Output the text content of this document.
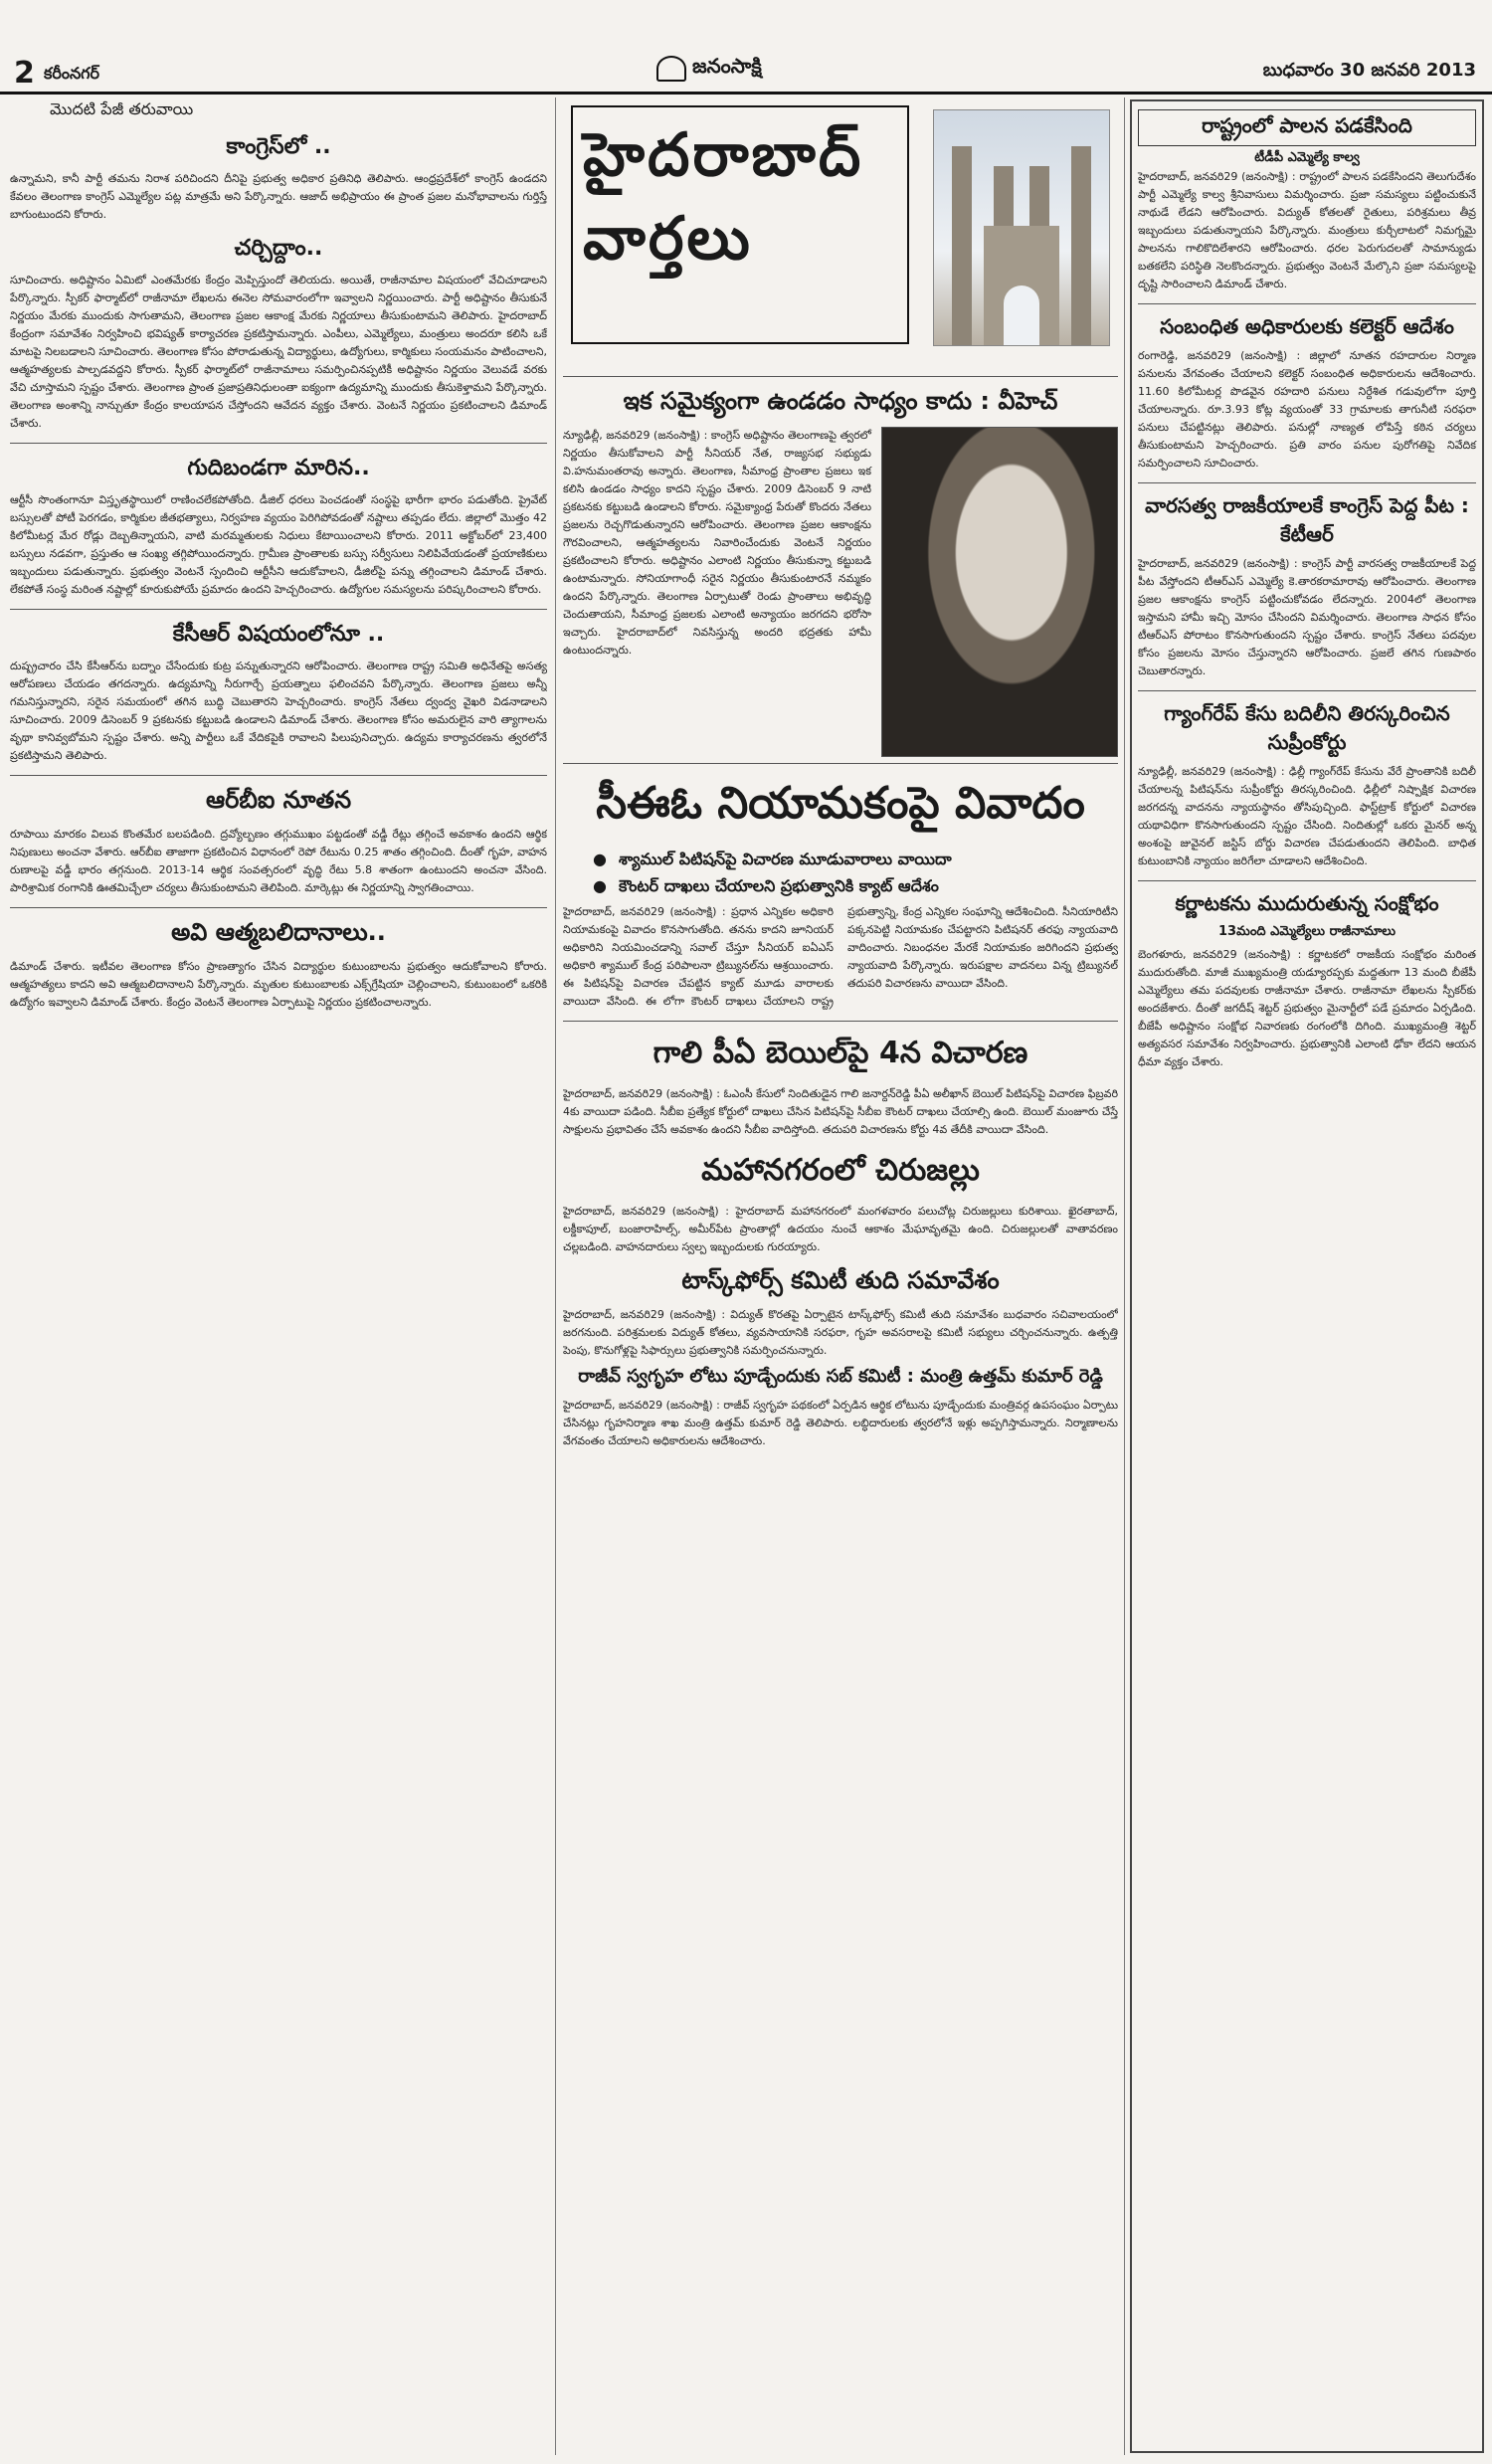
2 కరీంనగర్	జనంసాక్షి	బుధవారం 30 జనవరి 2013
మొదటి పేజీ తరువాయి
కాంగ్రెస్‌లో ..

ఉన్నామని, కానీ పార్టీ తమను నిరాశ పరిచిందని దీనిపై ప్రభుత్వ అధికార ప్రతినిధి తెలిపారు. ఆంధ్రప్రదేశ్‌లో కాంగ్రెస్ ఉండదని కేవలం తెలంగాణ కాంగ్రెస్ ఎమ్మెల్యేల పట్ల మాత్రమే అని పేర్కొన్నారు. ఆజాద్ అభిప్రాయం ఈ ప్రాంత ప్రజల మనోభావాలను గుర్తిస్తే బాగుంటుందని కోరారు.

చర్చిద్దాం..

సూచించారు. అధిష్టానం ఏమిటో ఎంతమేరకు కేంద్రం మెప్పిస్తుందో తెలియదు. అయితే, రాజీనామాల విషయంలో వేచిచూడాలని పేర్కొన్నారు. స్పీకర్ ఫార్మాట్‌లో రాజీనామా లేఖలను ఈనెల సోమవారంలోగా ఇవ్వాలని నిర్ణయించారు. పార్టీ అధిష్టానం తీసుకునే నిర్ణయం మేరకు ముందుకు సాగుతామని, తెలంగాణ ప్రజల ఆకాంక్ష మేరకు నిర్ణయాలు తీసుకుంటామని తెలిపారు. హైదరాబాద్ కేంద్రంగా సమావేశం నిర్వహించి భవిష్యత్ కార్యాచరణ ప్రకటిస్తామన్నారు. ఎంపీలు, ఎమ్మెల్యేలు, మంత్రులు అందరూ కలిసి ఒకే మాటపై నిలబడాలని సూచించారు. తెలంగాణ కోసం పోరాడుతున్న విద్యార్థులు, ఉద్యోగులు, కార్మికులు సంయమనం పాటించాలని, ఆత్మహత్యలకు పాల్పడవద్దని కోరారు. స్పీకర్ ఫార్మాట్‌లో రాజీనామాలు సమర్పించినప్పటికీ అధిష్టానం నిర్ణయం వెలువడే వరకు వేచి చూస్తామని స్పష్టం చేశారు. తెలంగాణ ప్రాంత ప్రజాప్రతినిధులంతా ఐక్యంగా ఉద్యమాన్ని ముందుకు తీసుకెళ్తామని పేర్కొన్నారు. తెలంగాణ అంశాన్ని నాన్చుతూ కేంద్రం కాలయాపన చేస్తోందని ఆవేదన వ్యక్తం చేశారు. వెంటనే నిర్ణయం ప్రకటించాలని డిమాండ్ చేశారు.

గుదిబండగా మారిన..

ఆర్టీసీ సొంతంగానూ విస్తృతస్థాయిలో రాణించలేకపోతోంది. డీజిల్ ధరలు పెంచడంతో సంస్థపై భారీగా భారం పడుతోంది. ప్రైవేట్ బస్సులతో పోటీ పెరగడం, కార్మికుల జీతభత్యాలు, నిర్వహణ వ్యయం పెరిగిపోవడంతో నష్టాలు తప్పడం లేదు. జిల్లాలో మొత్తం 42 కిలోమీటర్ల మేర రోడ్లు దెబ్బతిన్నాయని, వాటి మరమ్మతులకు నిధులు కేటాయించాలని కోరారు. 2011 అక్టోబర్‌లో 23,400 బస్సులు నడవగా, ప్రస్తుతం ఆ సంఖ్య తగ్గిపోయిందన్నారు. గ్రామీణ ప్రాంతాలకు బస్సు సర్వీసులు నిలిపివేయడంతో ప్రయాణికులు ఇబ్బందులు పడుతున్నారు. ప్రభుత్వం వెంటనే స్పందించి ఆర్టీసీని ఆదుకోవాలని, డీజిల్‌పై పన్ను తగ్గించాలని డిమాండ్ చేశారు. లేకపోతే సంస్థ మరింత నష్టాల్లో కూరుకుపోయే ప్రమాదం ఉందని హెచ్చరించారు. ఉద్యోగుల సమస్యలను పరిష్కరించాలని కోరారు.

కేసీఆర్ విషయంలోనూ ..

దుష్ప్రచారం చేసి కేసీఆర్‌ను బద్నాం చేసేందుకు కుట్ర పన్నుతున్నారని ఆరోపించారు. తెలంగాణ రాష్ట్ర సమితి అధినేతపై అసత్య ఆరోపణలు చేయడం తగదన్నారు. ఉద్యమాన్ని నీరుగార్చే ప్రయత్నాలు ఫలించవని పేర్కొన్నారు. తెలంగాణ ప్రజలు అన్నీ గమనిస్తున్నారని, సరైన సమయంలో తగిన బుద్ధి చెబుతారని హెచ్చరించారు. కాంగ్రెస్ నేతలు ద్వంద్వ వైఖరి విడనాడాలని సూచించారు. 2009 డిసెంబర్ 9 ప్రకటనకు కట్టుబడి ఉండాలని డిమాండ్ చేశారు. తెలంగాణ కోసం అమరులైన వారి త్యాగాలను వృథా కానివ్వబోమని స్పష్టం చేశారు. అన్ని పార్టీలు ఒకే వేదికపైకి రావాలని పిలుపునిచ్చారు. ఉద్యమ కార్యాచరణను త్వరలోనే ప్రకటిస్తామని తెలిపారు.

ఆర్‌బీఐ నూతన

రూపాయి మారకం విలువ కొంతమేర బలపడింది. ద్రవ్యోల్బణం తగ్గుముఖం పట్టడంతో వడ్డీ రేట్లు తగ్గించే అవకాశం ఉందని ఆర్థిక నిపుణులు అంచనా వేశారు. ఆర్‌బీఐ తాజాగా ప్రకటించిన విధానంలో రెపో రేటును 0.25 శాతం తగ్గించింది. దీంతో గృహ, వాహన రుణాలపై వడ్డీ భారం తగ్గనుంది. 2013-14 ఆర్థిక సంవత్సరంలో వృద్ధి రేటు 5.8 శాతంగా ఉంటుందని అంచనా వేసింది. పారిశ్రామిక రంగానికి ఊతమిచ్చేలా చర్యలు తీసుకుంటామని తెలిపింది. మార్కెట్లు ఈ నిర్ణయాన్ని స్వాగతించాయి.

అవి ఆత్మబలిదానాలు..

డిమాండ్ చేశారు. ఇటీవల తెలంగాణ కోసం ప్రాణత్యాగం చేసిన విద్యార్థుల కుటుంబాలను ప్రభుత్వం ఆదుకోవాలని కోరారు. ఆత్మహత్యలు కాదని అవి ఆత్మబలిదానాలని పేర్కొన్నారు. మృతుల కుటుంబాలకు ఎక్స్‌గ్రేషియా చెల్లించాలని, కుటుంబంలో ఒకరికి ఉద్యోగం ఇవ్వాలని డిమాండ్ చేశారు. కేంద్రం వెంటనే తెలంగాణ ఏర్పాటుపై నిర్ణయం ప్రకటించాలన్నారు.

హైదరాబాద్ వార్తలు
ఇక సమైక్యంగా ఉండడం సాధ్యం కాదు : వీహెచ్

న్యూఢిల్లీ, జనవరి29 (జనంసాక్షి) : కాంగ్రెస్ అధిష్టానం తెలంగాణపై త్వరలో నిర్ణయం తీసుకోవాలని పార్టీ సీనియర్ నేత, రాజ్యసభ సభ్యుడు వి.హనుమంతరావు అన్నారు. తెలంగాణ, సీమాంధ్ర ప్రాంతాల ప్రజలు ఇక కలిసి ఉండడం సాధ్యం కాదని స్పష్టం చేశారు. 2009 డిసెంబర్ 9 నాటి ప్రకటనకు కట్టుబడి ఉండాలని కోరారు. సమైక్యాంధ్ర పేరుతో కొందరు నేతలు ప్రజలను రెచ్చగొడుతున్నారని ఆరోపించారు. తెలంగాణ ప్రజల ఆకాంక్షను గౌరవించాలని, ఆత్మహత్యలను నివారించేందుకు వెంటనే నిర్ణయం ప్రకటించాలని కోరారు. అధిష్టానం ఎలాంటి నిర్ణయం తీసుకున్నా కట్టుబడి ఉంటామన్నారు. సోనియాగాంధీ సరైన నిర్ణయం తీసుకుంటారనే నమ్మకం ఉందని పేర్కొన్నారు. తెలంగాణ ఏర్పాటుతో రెండు ప్రాంతాలు అభివృద్ధి చెందుతాయని, సీమాంధ్ర ప్రజలకు ఎలాంటి అన్యాయం జరగదని భరోసా ఇచ్చారు. హైదరాబాద్‌లో నివసిస్తున్న అందరి భద్రతకు హామీ ఉంటుందన్నారు.

సీఈఓ నియామకంపై వివాదం
● శ్యాముల్ పిటిషన్‌పై విచారణ మూడువారాలు వాయిదా
● కౌంటర్ దాఖలు చేయాలని ప్రభుత్వానికి క్యాట్ ఆదేశం

హైదరాబాద్, జనవరి29 (జనంసాక్షి) : ప్రధాన ఎన్నికల అధికారి నియామకంపై వివాదం కొనసాగుతోంది. తనను కాదని జూనియర్ అధికారిని నియమించడాన్ని సవాల్ చేస్తూ సీనియర్ ఐఏఎస్ అధికారి శ్యాముల్ కేంద్ర పరిపాలనా ట్రిబ్యునల్‌ను ఆశ్రయించారు. ఈ పిటిషన్‌పై విచారణ చేపట్టిన క్యాట్ మూడు వారాలకు వాయిదా వేసింది. ఈ లోగా కౌంటర్ దాఖలు చేయాలని రాష్ట్ర ప్రభుత్వాన్ని, కేంద్ర ఎన్నికల సంఘాన్ని ఆదేశించింది. సీనియారిటీని పక్కనపెట్టి నియామకం చేపట్టారని పిటిషనర్ తరఫు న్యాయవాది వాదించారు. నిబంధనల మేరకే నియామకం జరిగిందని ప్రభుత్వ న్యాయవాది పేర్కొన్నారు. ఇరుపక్షాల వాదనలు విన్న ట్రిబ్యునల్ తదుపరి విచారణను వాయిదా వేసింది.

గాలి పీఏ బెయిల్‌పై 4న విచారణ

హైదరాబాద్, జనవరి29 (జనంసాక్షి) : ఓఎంసీ కేసులో నిందితుడైన గాలి జనార్దన్‌రెడ్డి పీఏ అలీఖాన్ బెయిల్ పిటిషన్‌పై విచారణ ఫిబ్రవరి 4కు వాయిదా పడింది. సీబీఐ ప్రత్యేక కోర్టులో దాఖలు చేసిన పిటిషన్‌పై సీబీఐ కౌంటర్ దాఖలు చేయాల్సి ఉంది. బెయిల్ మంజూరు చేస్తే సాక్షులను ప్రభావితం చేసే అవకాశం ఉందని సీబీఐ వాదిస్తోంది. తదుపరి విచారణను కోర్టు 4వ తేదీకి వాయిదా వేసింది.

మహానగరంలో చిరుజల్లు

హైదరాబాద్, జనవరి29 (జనంసాక్షి) : హైదరాబాద్ మహానగరంలో మంగళవారం పలుచోట్ల చిరుజల్లులు కురిశాయి. ఖైరతాబాద్, లక్డీకాపూల్, బంజారాహిల్స్, అమీర్‌పేట ప్రాంతాల్లో ఉదయం నుంచే ఆకాశం మేఘావృతమై ఉంది. చిరుజల్లులతో వాతావరణం చల్లబడింది. వాహనదారులు స్వల్ప ఇబ్బందులకు గురయ్యారు.

టాస్క్‌ఫోర్స్ కమిటీ తుది సమావేశం

హైదరాబాద్, జనవరి29 (జనంసాక్షి) : విద్యుత్ కొరతపై ఏర్పాటైన టాస్క్‌ఫోర్స్ కమిటీ తుది సమావేశం బుధవారం సచివాలయంలో జరగనుంది. పరిశ్రమలకు విద్యుత్ కోతలు, వ్యవసాయానికి సరఫరా, గృహ అవసరాలపై కమిటీ సభ్యులు చర్చించనున్నారు. ఉత్పత్తి పెంపు, కొనుగోళ్లపై సిఫార్సులు ప్రభుత్వానికి సమర్పించనున్నారు.

రాజీవ్ స్వగృహ లోటు పూడ్చేందుకు సబ్ కమిటీ : మంత్రి ఉత్తమ్ కుమార్ రెడ్డి

హైదరాబాద్, జనవరి29 (జనంసాక్షి) : రాజీవ్ స్వగృహ పథకంలో ఏర్పడిన ఆర్థిక లోటును పూడ్చేందుకు మంత్రివర్గ ఉపసంఘం ఏర్పాటు చేసినట్లు గృహనిర్మాణ శాఖ మంత్రి ఉత్తమ్ కుమార్ రెడ్డి తెలిపారు. లబ్ధిదారులకు త్వరలోనే ఇళ్లు అప్పగిస్తామన్నారు. నిర్మాణాలను వేగవంతం చేయాలని అధికారులను ఆదేశించారు.

రాష్ట్రంలో పాలన పడకేసింది
టీడీపీ ఎమ్మెల్యే కాల్వ

హైదరాబాద్, జనవరి29 (జనంసాక్షి) : రాష్ట్రంలో పాలన పడకేసిందని తెలుగుదేశం పార్టీ ఎమ్మెల్యే కాల్వ శ్రీనివాసులు విమర్శించారు. ప్రజా సమస్యలు పట్టించుకునే నాథుడే లేడని ఆరోపించారు. విద్యుత్ కోతలతో రైతులు, పరిశ్రమలు తీవ్ర ఇబ్బందులు పడుతున్నాయని పేర్కొన్నారు. మంత్రులు కుర్చీలాటలో నిమగ్నమై పాలనను గాలికొదిలేశారని ఆరోపించారు. ధరల పెరుగుదలతో సామాన్యుడు బతకలేని పరిస్థితి నెలకొందన్నారు. ప్రభుత్వం వెంటనే మేల్కొని ప్రజా సమస్యలపై దృష్టి సారించాలని డిమాండ్ చేశారు.

సంబంధిత అధికారులకు కలెక్టర్ ఆదేశం

రంగారెడ్డి, జనవరి29 (జనంసాక్షి) : జిల్లాలో నూతన రహదారుల నిర్మాణ పనులను వేగవంతం చేయాలని కలెక్టర్ సంబంధిత అధికారులను ఆదేశించారు. 11.60 కిలోమీటర్ల పొడవైన రహదారి పనులు నిర్దేశిత గడువులోగా పూర్తి చేయాలన్నారు. రూ.3.93 కోట్ల వ్యయంతో 33 గ్రామాలకు తాగునీటి సరఫరా పనులు చేపట్టినట్లు తెలిపారు. పనుల్లో నాణ్యత లోపిస్తే కఠిన చర్యలు తీసుకుంటామని హెచ్చరించారు. ప్రతి వారం పనుల పురోగతిపై నివేదిక సమర్పించాలని సూచించారు.

వారసత్వ రాజకీయాలకే కాంగ్రెస్ పెద్ద పీట : కేటీఆర్

హైదరాబాద్, జనవరి29 (జనంసాక్షి) : కాంగ్రెస్ పార్టీ వారసత్వ రాజకీయాలకే పెద్ద పీట వేస్తోందని టీఆర్‌ఎస్ ఎమ్మెల్యే కె.తారకరామారావు ఆరోపించారు. తెలంగాణ ప్రజల ఆకాంక్షను కాంగ్రెస్ పట్టించుకోవడం లేదన్నారు. 2004లో తెలంగాణ ఇస్తామని హామీ ఇచ్చి మోసం చేసిందని విమర్శించారు. తెలంగాణ సాధన కోసం టీఆర్‌ఎస్ పోరాటం కొనసాగుతుందని స్పష్టం చేశారు. కాంగ్రెస్ నేతలు పదవుల కోసం ప్రజలను మోసం చేస్తున్నారని ఆరోపించారు. ప్రజలే తగిన గుణపాఠం చెబుతారన్నారు.

గ్యాంగ్‌రేప్ కేసు బదిలీని తిరస్కరించిన సుప్రీంకోర్టు

న్యూఢిల్లీ, జనవరి29 (జనంసాక్షి) : ఢిల్లీ గ్యాంగ్‌రేప్ కేసును వేరే ప్రాంతానికి బదిలీ చేయాలన్న పిటిషన్‌ను సుప్రీంకోర్టు తిరస్కరించింది. ఢిల్లీలో నిష్పాక్షిక విచారణ జరగదన్న వాదనను న్యాయస్థానం తోసిపుచ్చింది. ఫాస్ట్‌ట్రాక్ కోర్టులో విచారణ యథావిధిగా కొనసాగుతుందని స్పష్టం చేసింది. నిందితుల్లో ఒకరు మైనర్ అన్న అంశంపై జువైనల్ జస్టిస్ బోర్డు విచారణ చేపడుతుందని తెలిపింది. బాధిత కుటుంబానికి న్యాయం జరిగేలా చూడాలని ఆదేశించింది.

కర్ణాటకను ముదురుతున్న సంక్షోభం
13మంది ఎమ్మెల్యేలు రాజీనామాలు

బెంగళూరు, జనవరి29 (జనంసాక్షి) : కర్ణాటకలో రాజకీయ సంక్షోభం మరింత ముదురుతోంది. మాజీ ముఖ్యమంత్రి యడ్యూరప్పకు మద్దతుగా 13 మంది బీజేపీ ఎమ్మెల్యేలు తమ పదవులకు రాజీనామా చేశారు. రాజీనామా లేఖలను స్పీకర్‌కు అందజేశారు. దీంతో జగదీష్ శెట్టర్ ప్రభుత్వం మైనార్టీలో పడే ప్రమాదం ఏర్పడింది. బీజేపీ అధిష్టానం సంక్షోభ నివారణకు రంగంలోకి దిగింది. ముఖ్యమంత్రి శెట్టర్ అత్యవసర సమావేశం నిర్వహించారు. ప్రభుత్వానికి ఎలాంటి ఢోకా లేదని ఆయన ధీమా వ్యక్తం చేశారు.
